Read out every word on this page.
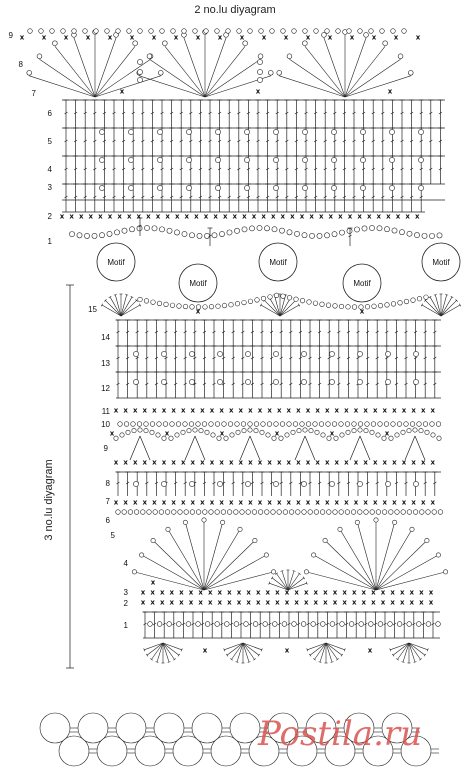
2 no.lu diyagram
3 no.lu diyagram
9
8
7
6
5
4
3
2
1
x x x x x x x x x x x x x x x x x x x
x	x	x
x x x x x x x x x x x x x x x x x x x x x x x x x x x x x x x x x x x x x x
Motif
Motif
Motif
Motif
Motif
x	x
15
14
13
12
11
10
9
8
7
6
5
4
3
2
1
x x x x x x x x x x x x x x x x x x x x x x x x x x x x x x x x x x
x	x	x	x	x	x
x x x x x x x x x x x x x x x x x x x x x x x x x x x x x x x x x x
x x x x x x x x x x x x x x x x x x x x x x x x x x x x x x x x x x
x
x
x
x
x
x
x
x
x
x
x
x
x
x
x
x
x
x
x
x
x
x
x
x
x
x
x
x
x
x
x
x
x
x
x
x
x
x
x
x
x
x
x
x
x
x
x
x
x
x
x
x
x
x
x
x
x
x
x
x
x
x
x
x	x	x
Postila.ru
